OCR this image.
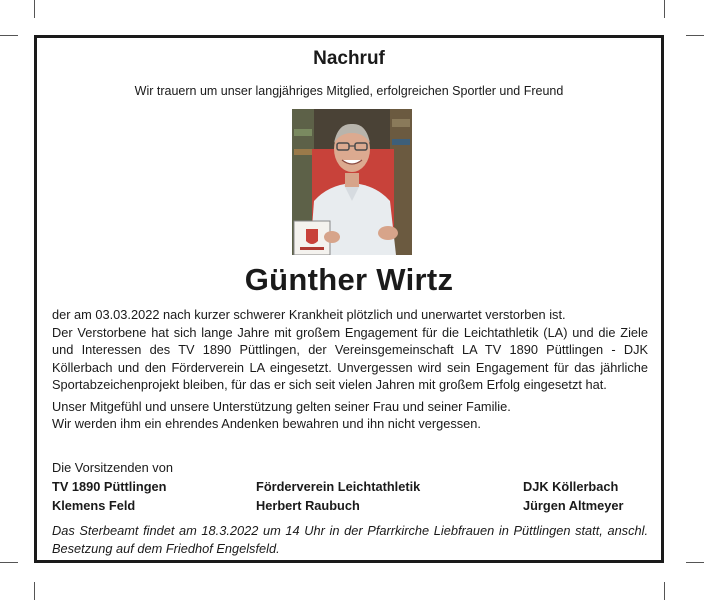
Nachruf
Wir trauern um unser langjähriges Mitglied, erfolgreichen Sportler und Freund
Günther Wirtz

der am 03.03.2022 nach kurzer schwerer Krankheit plötzlich und unerwartet verstorben ist.

Der Verstorbene hat sich lange Jahre mit großem Engagement für die Leichtathletik (LA) und die Ziele und Interessen des TV 1890 Püttlingen, der Vereinsgemeinschaft LA TV 1890 Püttlingen - DJK Köllerbach und den Förderverein LA eingesetzt. Unvergessen wird sein Engagement für das jährliche Sportabzeichenprojekt bleiben, für das er sich seit vielen Jahren mit großem Erfolg eingesetzt hat.

Unser Mitgefühl und unsere Unterstützung gelten seiner Frau und seiner Familie.

Wir werden ihm ein ehrendes Andenken bewahren und ihn nicht vergessen.

Die Vorsitzenden von
TV 1890 Püttlingen
Klemens Feld
Förderverein Leichtathletik
Herbert Raubuch
DJK Köllerbach
Jürgen Altmeyer
Das Sterbeamt findet am 18.3.2022 um 14 Uhr in der Pfarrkirche Liebfrauen in Püttlingen statt, anschl. Besetzung auf dem Friedhof Engelsfeld.
